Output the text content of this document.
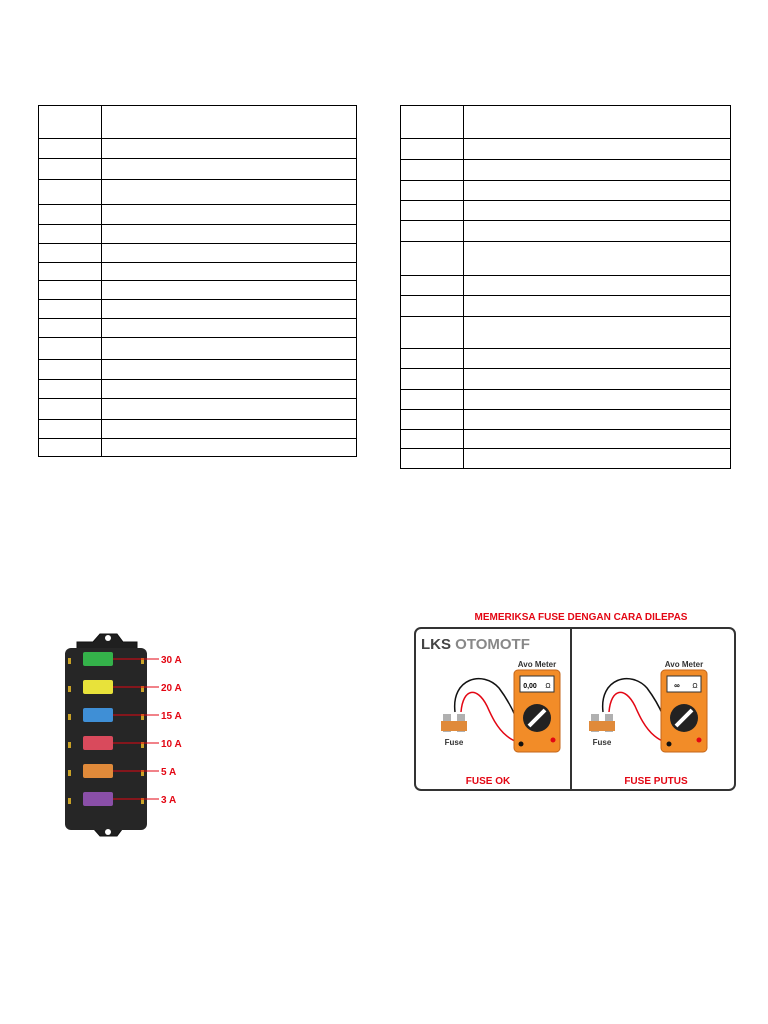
30 A
20 A
15 A
10 A
5 A
3 A
MEMERIKSA FUSE DENGAN CARA DILEPAS
LKS OTOMOTF
Fuse
Avo Meter
0,00 Ω
FUSE OK
Fuse
Avo Meter
∞ Ω
FUSE PUTUS
